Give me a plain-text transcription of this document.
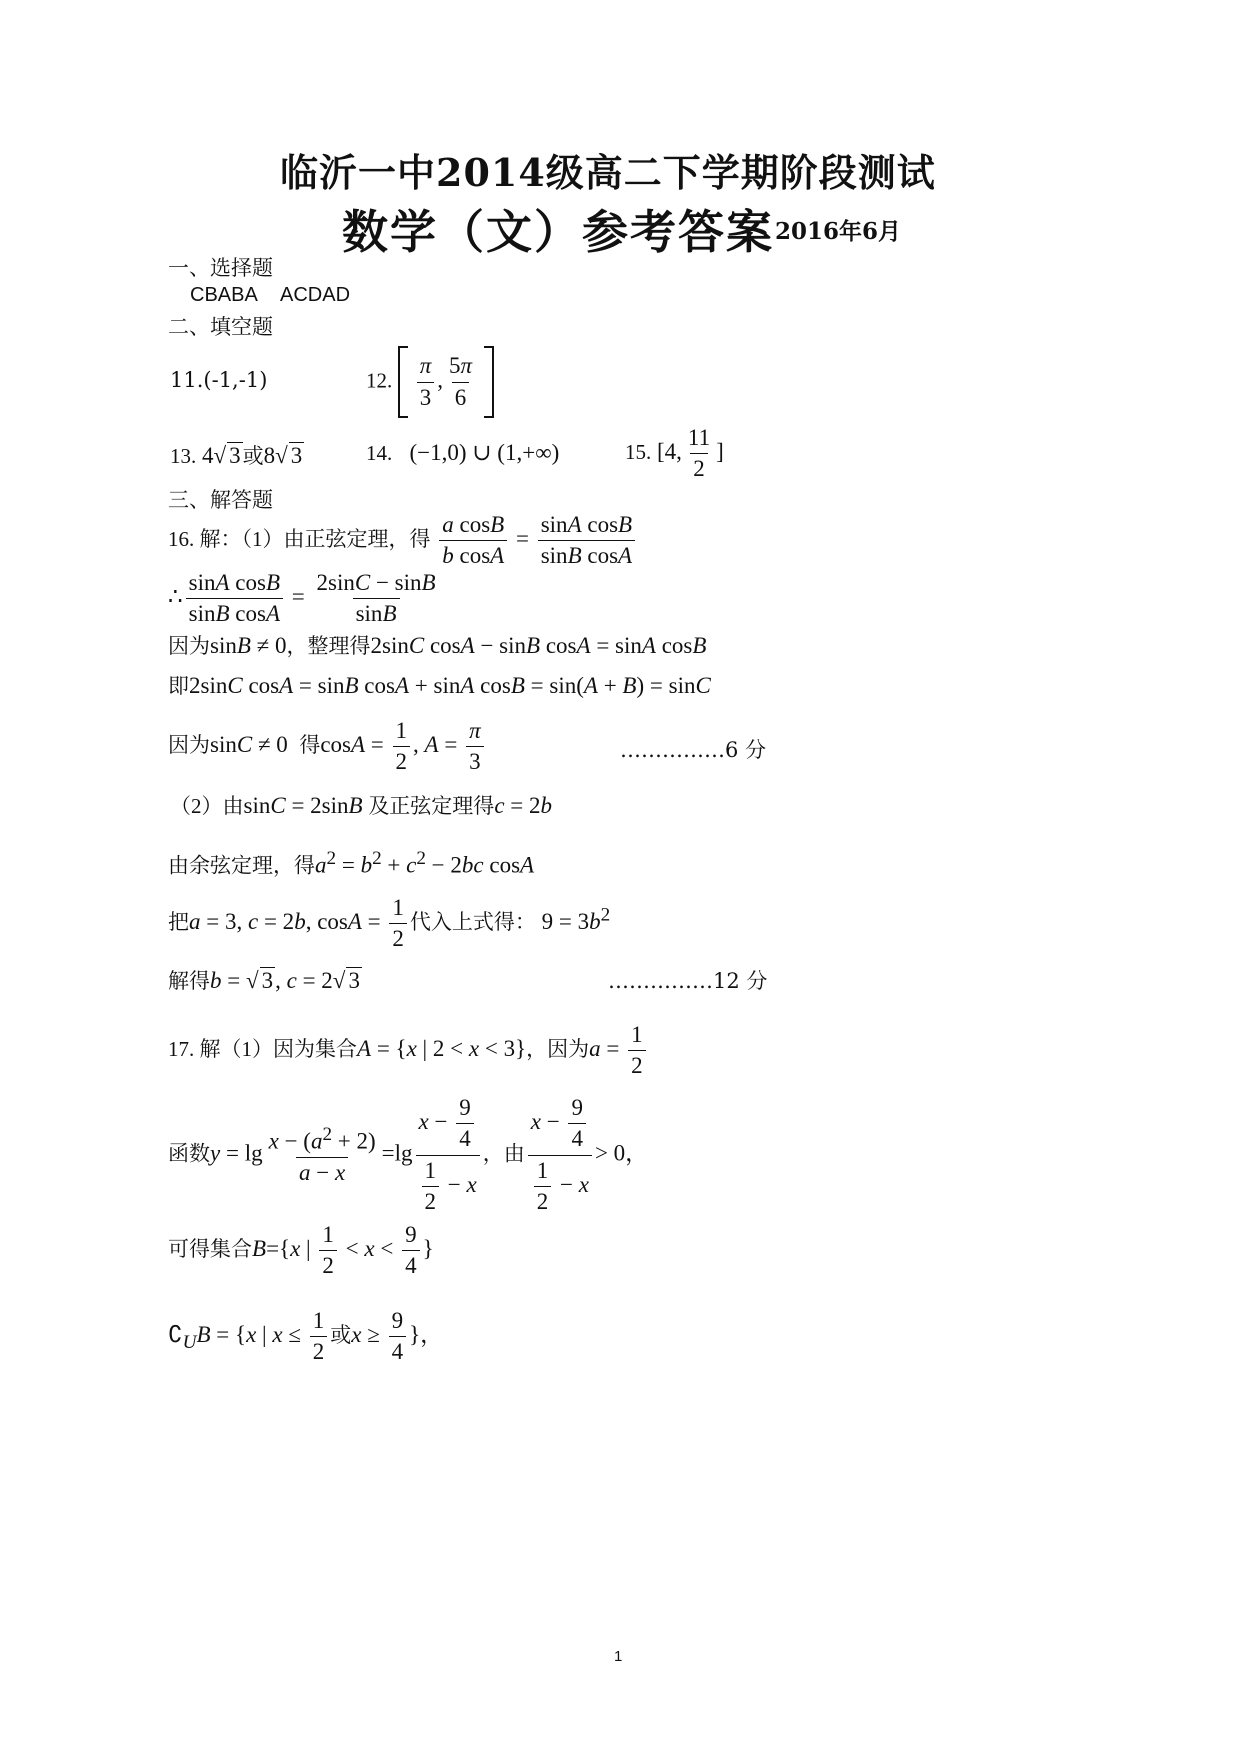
临沂一中2014级高二下学期阶段测试
数学（文）参考答案 2016年6月
一、选择题
CBABA ACDAD
二、填空题
11.(-1,-1)	12. $\frac{\pi}{3}$ , $\frac{5\pi}{6}$

13. 4√ 3或8√ 3	14. (−1,0) ∪ (1,+∞)	15. [4, $\frac{11}{2}$ ]
三、解答题
16. 解：（1）由正弦定理，得 $\frac{\text{a cosB}}{\text{b cosA}} = \frac{\text{sinA cosB}}{\text{sinB cosA}}$
∴ $\frac{\text{sinA cosB}}{\text{sinB cosA}} = \frac{2\sin C - \sin B}{\sin B}$
因为sinB ≠ 0，整理得2sinC cosA − sinB cosA = sinA cosB
即2sinC cosA = sinB cosA + sinA cosB = sin(A + B) = sinC
因为sinC ≠ 0  得$\cos A = \frac{1}{2}$ , $A = \frac{\pi}{3}$	……………6 分
（2）由sinC = 2sinB 及正弦定理得c = 2b
由余弦定理，得$a^2 = b^2 + c^2 - 2bc$ cosA
把a = 3, c = 2b, $\cos A = \frac{1}{2}$ 代入上式得： $9 = 3b^2$
解得b = √ 3, c = 2√ 3	……………12 分
17. 解（1）因为集合A = {x | 2 < x < 3}，因为$a = \frac{1}{2}$
函数$y = \lg \frac{x - (a^2 + 2)}{a - x} =\lg \frac{x - \frac{9}{4}}{\frac{1}{2} - x}$ ，由 $\frac{x - \frac{9}{4}}{\frac{1}{2} - x} > 0$，
可得集合B={x | $\frac{1}{2} < x < \frac{9}{4}$ }
$∁_UB = \{x$ | $x \le \frac{1}{2}$ 或$x \ge \frac{9}{4}$ }，
1
